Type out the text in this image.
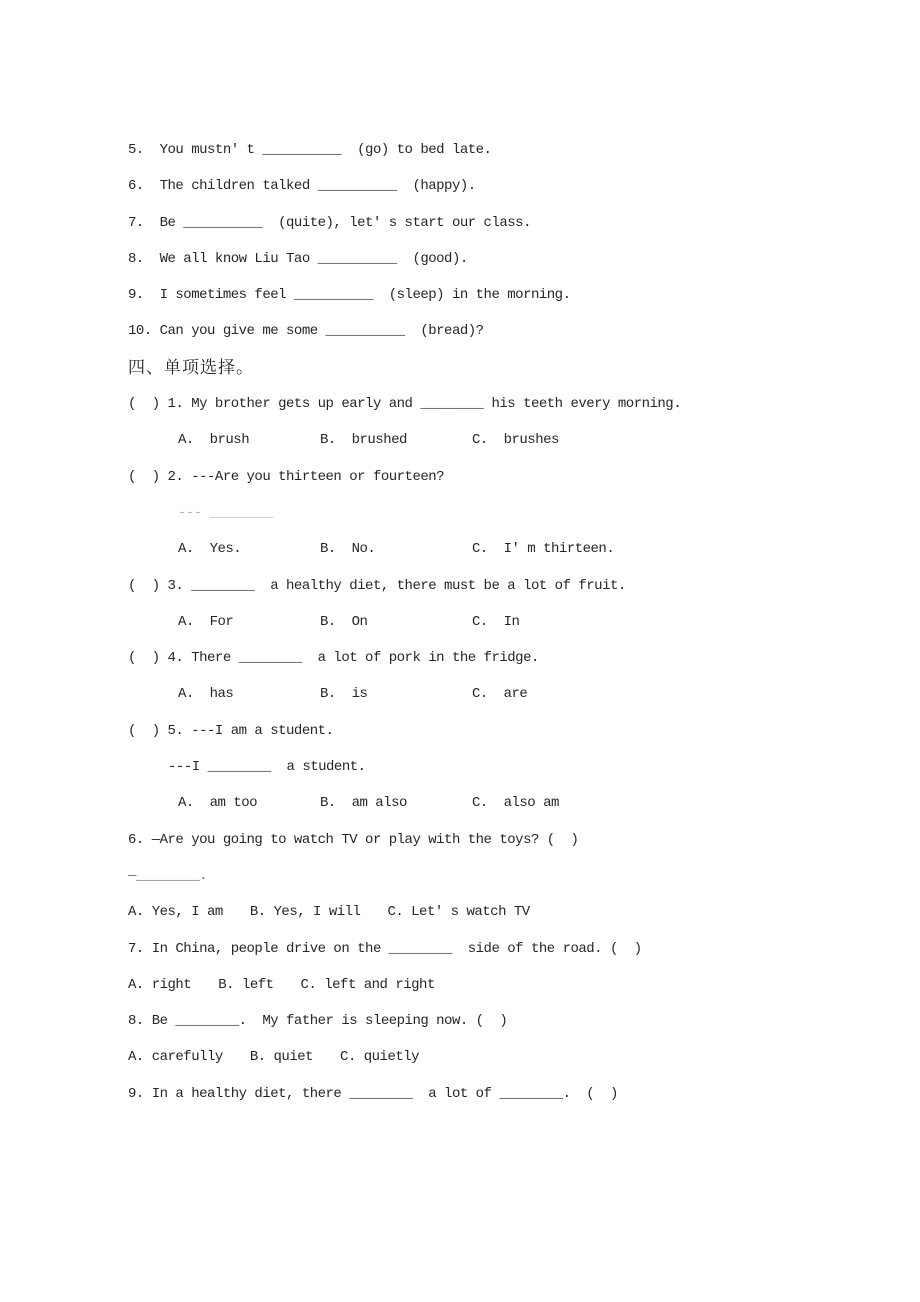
5.  You mustn' t __________  (go) to bed late.
6.  The children talked __________  (happy).
7.  Be __________  (quite), let' s start our class.
8.  We all know Liu Tao __________  (good).
9.  I sometimes feel __________  (sleep) in the morning.
10. Can you give me some __________  (bread)?
四、单项选择。
(  ) 1. My brother gets up early and ________ his teeth every morning.
A.  brush	B.  brushed	C.  brushes
(  ) 2. ---Are you thirteen or fourteen?
--- ________
A.  Yes.	B.  No.	C.  I' m thirteen.
(  ) 3. ________  a healthy diet, there must be a lot of fruit.
A.  For	B.  On	C.  In
(  ) 4. There ________  a lot of pork in the fridge.
A.  has	B.  is	C.  are
(  ) 5. ---I am a student.
---I ________  a student.
A.  am too	B.  am also	C.  also am
6. —Are you going to watch TV or play with the toys? (  )
—________.
A. Yes, I am B. Yes, I will C. Let' s watch TV
7. In China, people drive on the ________  side of the road. (  )
A. right B. left C. left and right
8. Be ________.  My father is sleeping now. (  )
A. carefully B. quiet C. quietly
9. In a healthy diet, there ________  a lot of ________.  (  )
